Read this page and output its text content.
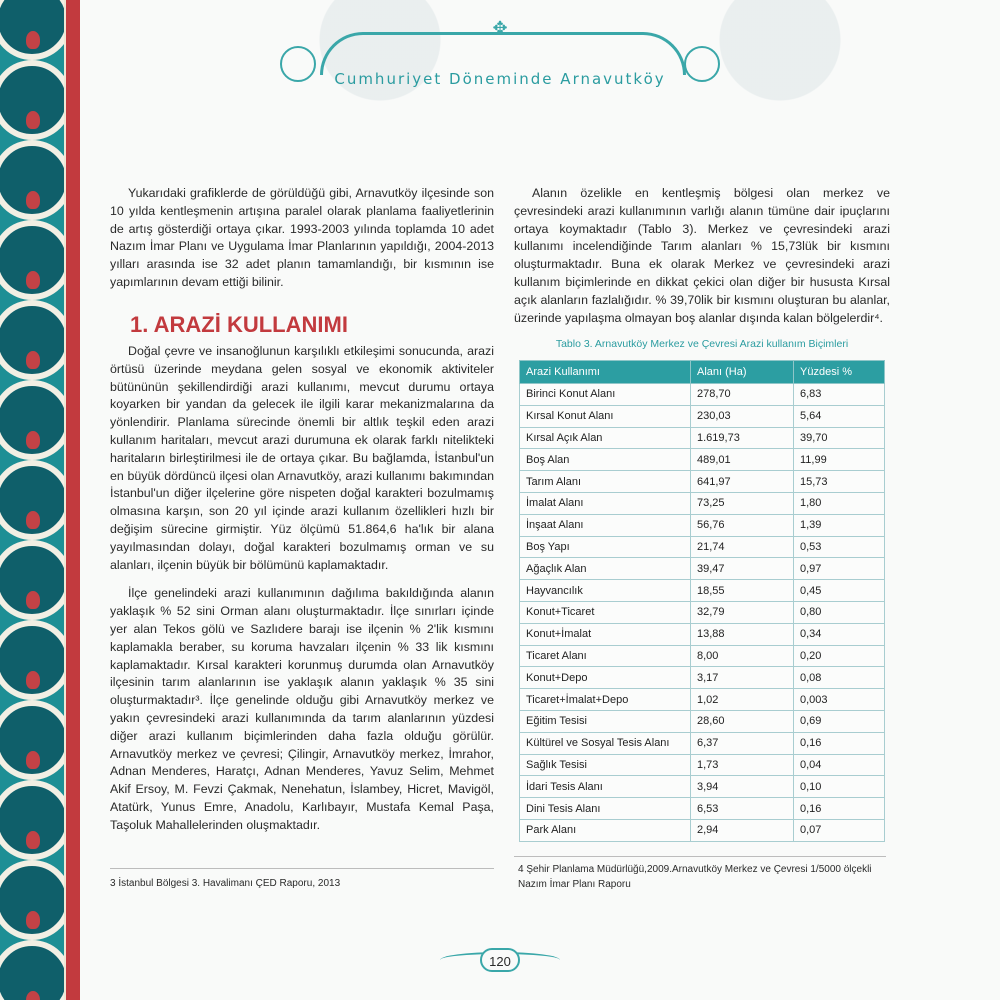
✥
Cumhuriyet Döneminde Arnavutköy

Yukarıdaki grafiklerde de görüldüğü gibi, Arnavutköy ilçesinde son 10 yılda kentleşmenin artışına paralel olarak planlama faaliyetlerinin de artış gösterdiği ortaya çıkar. 1993-2003 yılında toplamda 10 adet Nazım İmar Planı ve Uygulama İmar Planlarının yapıldığı, 2004-2013 yılları arasında ise 32 adet planın tamamlandığı, bir kısmının ise yapımlarının devam ettiği bilinir.

1. ARAZİ KULLANIMI

Doğal çevre ve insanoğlunun karşılıklı etkileşimi sonucunda, arazi örtüsü üzerinde meydana gelen sosyal ve ekonomik aktiviteler bütününün şekillendirdiği arazi kullanımı, mevcut durumu ortaya koyarken bir yandan da gelecek ile ilgili karar mekanizmalarına da yönlendirir. Planlama sürecinde önemli bir altlık teşkil eden arazi kullanım haritaları, mevcut arazi durumuna ek olarak farklı nitelikteki haritaların birleştirilmesi ile de ortaya çıkar. Bu bağlamda, İstanbul'un en büyük dördüncü ilçesi olan Arnavutköy, arazi kullanımı bakımından İstanbul'un diğer ilçelerine göre nispeten doğal karakteri bozulmamış olmasına karşın, son 20 yıl içinde arazi kullanım özellikleri hızlı bir değişim sürecine girmiştir. Yüz ölçümü 51.864,6 ha'lık bir alana yayılmasından dolayı, doğal karakteri bozulmamış orman ve su alanları, ilçenin büyük bir bölümünü kaplamaktadır.

İlçe genelindeki arazi kullanımının dağılıma bakıldığında alanın yaklaşık % 52 sini Orman alanı oluşturmaktadır. İlçe sınırları içinde yer alan Tekos gölü ve Sazlıdere barajı ise ilçenin % 2'lik kısmını kaplamakla beraber, su koruma havzaları ilçenin % 33 lik kısmını kaplamaktadır. Kırsal karakteri korunmuş durumda olan Arnavutköy ilçesinin tarım alanlarının ise yaklaşık alanın yaklaşık % 35 sini oluşturmaktadır³. İlçe genelinde olduğu gibi Arnavutköy merkez ve yakın çevresindeki arazi kullanımında da tarım alanlarının yüzdesi diğer arazi kullanım biçimlerinden daha fazla olduğu görülür. Arnavutköy merkez ve çevresi; Çilingir, Arnavutköy merkez, İmrahor, Adnan Menderes, Haratçı, Adnan Menderes, Yavuz Selim, Mehmet Akif Ersoy, M. Fevzi Çakmak, Nenehatun, İslambey, Hicret, Mavigöl, Atatürk, Yunus Emre, Anadolu, Karlıbayır, Mustafa Kemal Paşa, Taşoluk Mahallelerinden oluşmaktadır.

3 İstanbul Bölgesi 3. Havalimanı ÇED Raporu, 2013

Alanın özelikle en kentleşmiş bölgesi olan merkez ve çevresindeki arazi kullanımının varlığı alanın tümüne dair ipuçlarını ortaya koymaktadır (Tablo 3). Merkez ve çevresindeki arazi kullanımı incelendiğinde Tarım alanları % 15,73lük bir kısmını oluşturmaktadır. Buna ek olarak Merkez ve çevresindeki arazi kullanım biçimlerinde en dikkat çekici olan diğer bir hususta Kırsal açık alanların fazlalığıdır. % 39,70lik bir kısmını oluşturan bu alanlar, üzerinde yapılaşma olmayan boş alanlar dışında kalan bölgelerdir⁴.

Tablo 3. Arnavutköy Merkez ve Çevresi Arazi kullanım Biçimleri
Arazi Kullanımı	Alanı (Ha)	Yüzdesi %
Birinci Konut Alanı	278,70	6,83
Kırsal Konut Alanı	230,03	5,64
Kırsal Açık Alan	1.619,73	39,70
Boş Alan	489,01	11,99
Tarım Alanı	641,97	15,73
İmalat Alanı	73,25	1,80
İnşaat Alanı	56,76	1,39
Boş Yapı	21,74	0,53
Ağaçlık Alan	39,47	0,97
Hayvancılık	18,55	0,45
Konut+Ticaret	32,79	0,80
Konut+İmalat	13,88	0,34
Ticaret Alanı	8,00	0,20
Konut+Depo	3,17	0,08
Ticaret+İmalat+Depo	1,02	0,003
Eğitim Tesisi	28,60	0,69
Kültürel ve Sosyal Tesis Alanı	6,37	0,16
Sağlık Tesisi	1,73	0,04
İdari Tesis Alanı	3,94	0,10
Dini Tesis Alanı	6,53	0,16
Park Alanı	2,94	0,07
4 Şehir Planlama Müdürlüğü,2009.Arnavutköy Merkez ve Çevresi 1/5000 ölçekli Nazım İmar Planı Raporu
120
